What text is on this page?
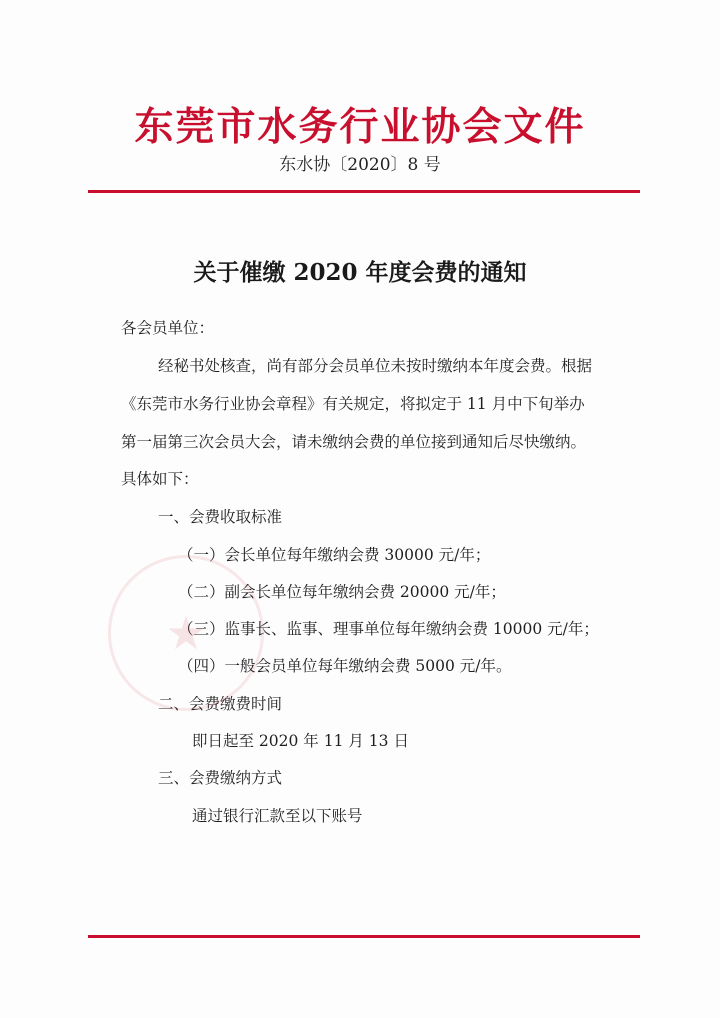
东莞市水务行业协会文件
东水协〔2020〕8 号
关于催缴 2020 年度会费的通知
各会员单位：
经秘书处核查，尚有部分会员单位未按时缴纳本年度会费。根据
《东莞市水务行业协会章程》有关规定，将拟定于 11 月中下旬举办
第一届第三次会员大会，请未缴纳会费的单位接到通知后尽快缴纳。
具体如下：
一、会费收取标准
（一）会长单位每年缴纳会费 30000 元/年；
（二）副会长单位每年缴纳会费 20000 元/年；
（三）监事长、监事、理事单位每年缴纳会费 10000 元/年；
（四）一般会员单位每年缴纳会费 5000 元/年。
二、会费缴费时间
即日起至 2020 年 11 月 13 日
三、会费缴纳方式
通过银行汇款至以下账号
★
